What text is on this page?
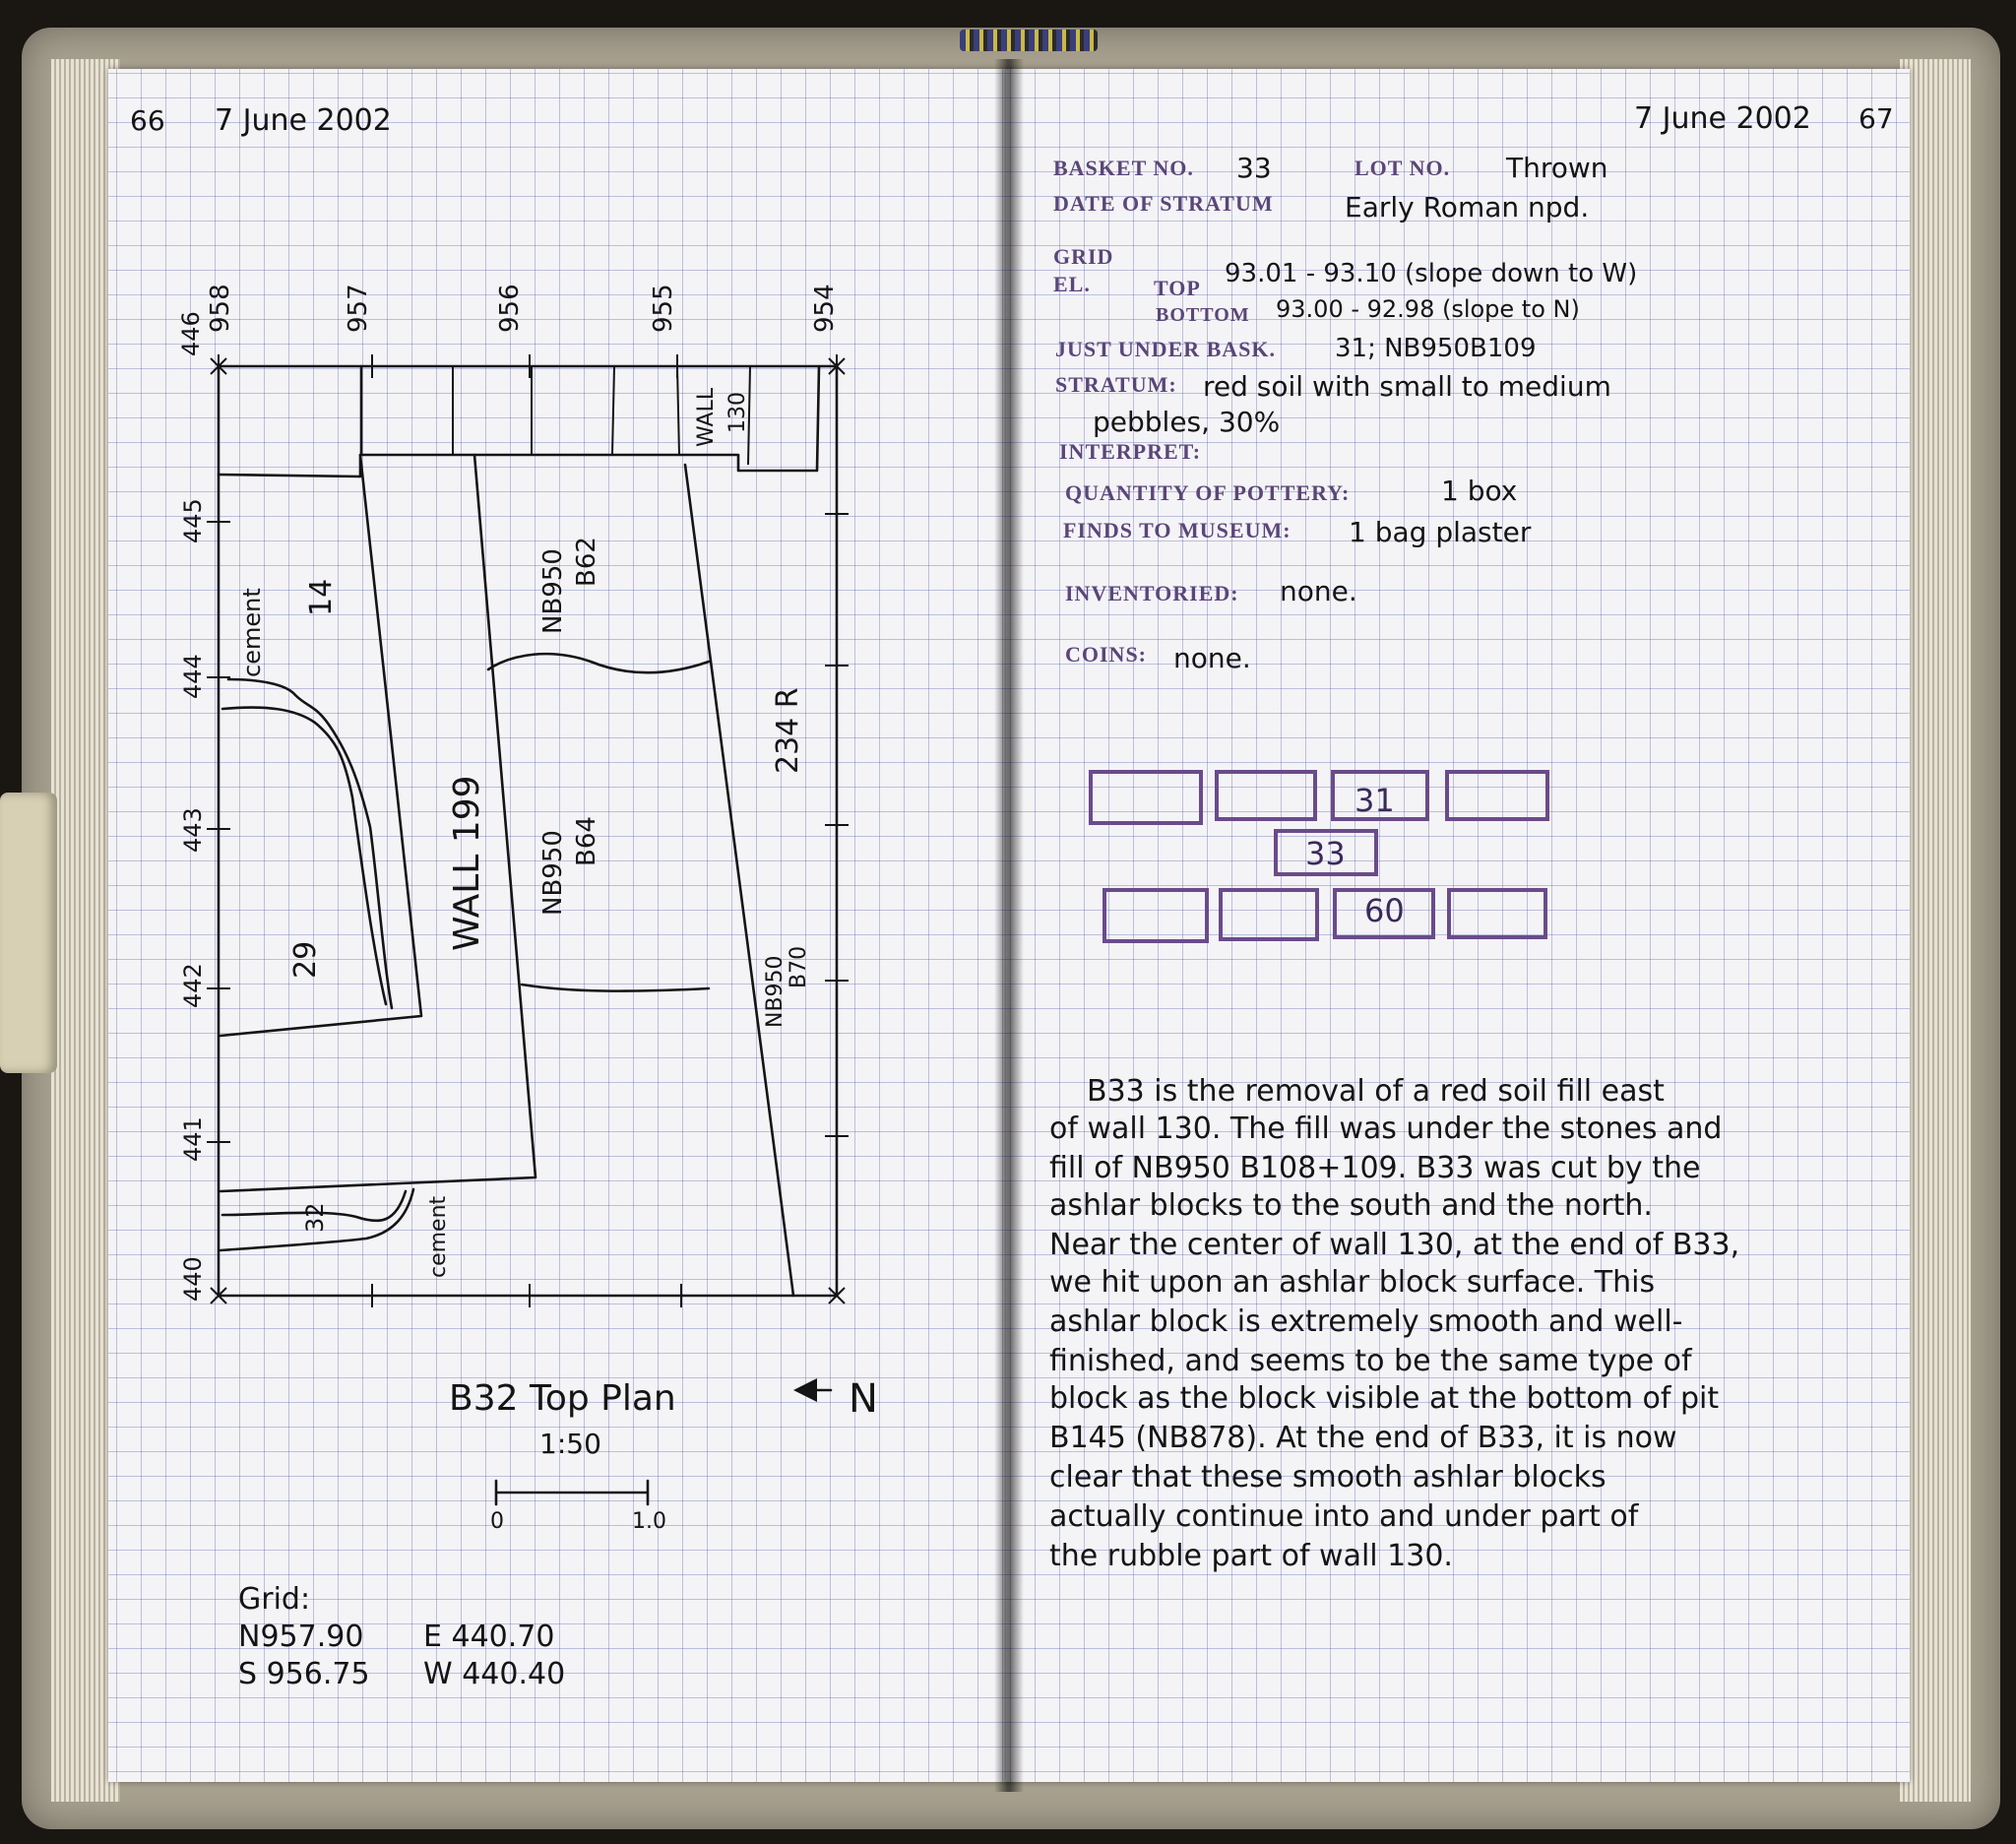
66 7 June 2002
958
446
957	956	955	954
445
444
443
442
441
440
cement 14
29
32	cement
WALL 199
WALL 130
NB950 B62
NB950 B64
NB950 B70
234 R
B32 Top Plan
1:50
N
0	1.0
Grid:
N957.90 E 440.70
S 956.75 W 440.40
7 June 2002 67
BASKET NO. 33	LOT NO. Thrown
DATE OF STRATUM	Early Roman npd.
GRID
EL.	TOP 93.01 - 93.10 (slope down to W)
BOTTOM 93.00 - 92.98 (slope to N)
JUST UNDER BASK. 31; NB950B109
STRATUM: red soil with small to medium
pebbles, 30%
INTERPRET:
QUANTITY OF POTTERY:	1 box
FINDS TO MUSEUM: 1 bag plaster
INVENTORIED: none.
COINS: none.
31
33
60
B33 is the removal of a red soil fill east
of wall 130. The fill was under the stones and
fill of NB950 B108+109. B33 was cut by the
ashlar blocks to the south and the north.
Near the center of wall 130, at the end of B33,
we hit upon an ashlar block surface. This
ashlar block is extremely smooth and well-
finished, and seems to be the same type of
block as the block visible at the bottom of pit
B145 (NB878). At the end of B33, it is now
clear that these smooth ashlar blocks
actually continue into and under part of
the rubble part of wall 130.
